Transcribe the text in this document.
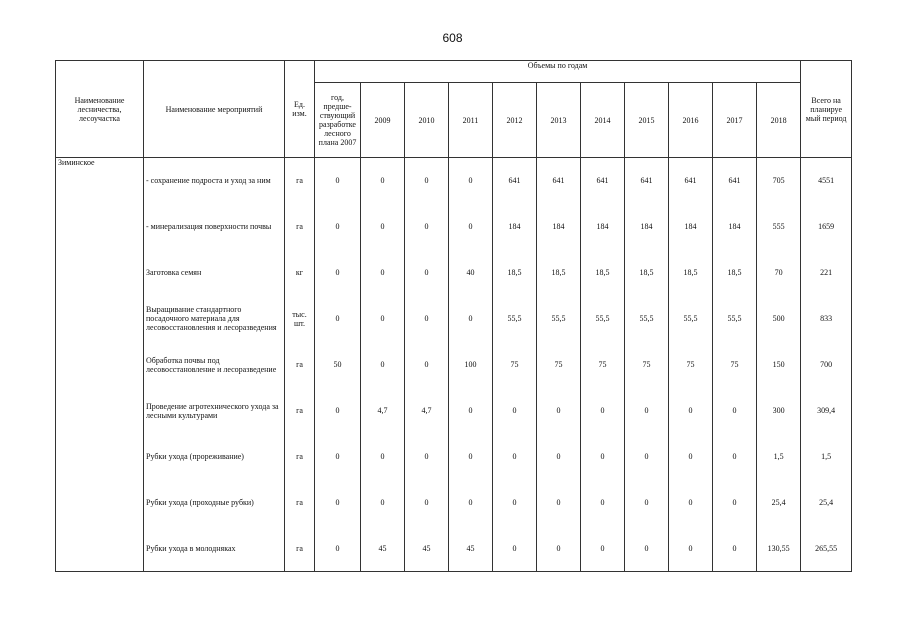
608
Наименование лесничества, лесоучастка	Наименование мероприятий	Ед. изм.	Объемы по годам											Всего на планируе мый период
			год, предше- ствующий разработке лесного плана 2007	2009	2010	2011	2012	2013	2014	2015	2016	2017	2018	
Зиминское	- сохранение подроста и уход за ним	га	0	0	0	0	641	641	641	641	641	641	705	4551
	- минерализация поверхности почвы	га	0	0	0	0	184	184	184	184	184	184	555	1659
	Заготовка семян	кг	0	0	0	40	18,5	18,5	18,5	18,5	18,5	18,5	70	221
	Выращивание стандартного посадочного материала для лесовосстановления и лесоразведения	тыс. шт.	0	0	0	0	55,5	55,5	55,5	55,5	55,5	55,5	500	833
	Обработка почвы под лесовосстановление и лесоразведение	га	50	0	0	100	75	75	75	75	75	75	150	700
	Проведение агротехнического ухода за лесными культурами	га	0	4,7	4,7	0	0	0	0	0	0	0	300	309,4
	Рубки ухода (прореживание)	га	0	0	0	0	0	0	0	0	0	0	1,5	1,5
	Рубки ухода (проходные рубки)	га	0	0	0	0	0	0	0	0	0	0	25,4	25,4
	Рубки ухода в молодняках	га	0	45	45	45	0	0	0	0	0	0	130,55	265,55
